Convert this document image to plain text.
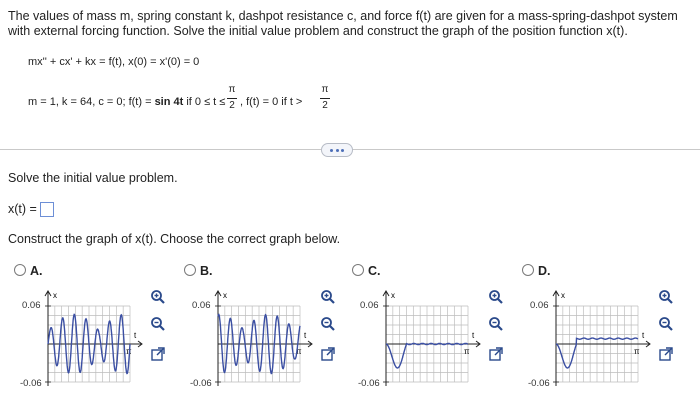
The values of mass m, spring constant k, dashpot resistance c, and force f(t) are given for a mass-spring-dashpot system with external forcing function. Solve the initial value problem and construct the graph of the position function x(t).
mx'' + cx' + kx = f(t), x(0) = x'(0) = 0
m = 1, k = 64, c = 0; f(t) = sin 4t if 0 ≤ t ≤
π
2 , f(t) = 0 if t >
π
2
Solve the initial value problem.
x(t) =
Construct the graph of x(t). Choose the correct graph below.
A.
0.06
-0.06
x
t
π
B.
0.06
-0.06
x
t
π
C.
0.06
-0.06
x
t
π
D.
0.06
-0.06
x
t
π
